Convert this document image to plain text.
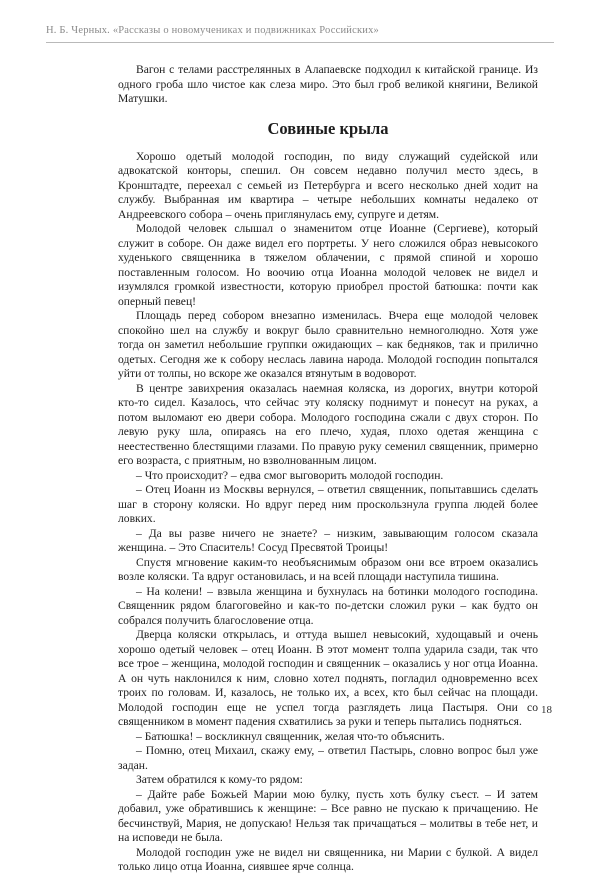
Н. Б. Черных. «Рассказы о новомучениках и подвижниках Российских»

Вагон с телами расстрелянных в Алапаевске подходил к китайской границе. Из одного гроба шло чистое как слеза миро. Это был гроб великой княгини, Великой Матушки.

Совиные крыла

Хорошо одетый молодой господин, по виду служащий судейской или адвокатской конторы, спешил. Он совсем недавно получил место здесь, в Кронштадте, переехал с семьей из Петербурга и всего несколько дней ходит на службу. Выбранная им квартира – четыре небольших комнаты недалеко от Андреевского собора – очень приглянулась ему, супруге и детям.

Молодой человек слышал о знаменитом отце Иоанне (Сергиеве), который служит в соборе. Он даже видел его портреты. У него сложился образ невысокого худенького священника в тяжелом облачении, с прямой спиной и хорошо поставленным голосом. Но воочию отца Иоанна молодой человек не видел и изумлялся громкой известности, которую приобрел простой батюшка: почти как оперный певец!

Площадь перед собором внезапно изменилась. Вчера еще молодой человек спокойно шел на службу и вокруг было сравнительно немноголюдно. Хотя уже тогда он заметил небольшие группки ожидающих – как бедняков, так и прилично одетых. Сегодня же к собору неслась лавина народа. Молодой господин попытался уйти от толпы, но вскоре же оказался втянутым в водоворот.

В центре завихрения оказалась наемная коляска, из дорогих, внутри которой кто-то сидел. Казалось, что сейчас эту коляску поднимут и понесут на руках, а потом выломают ею двери собора. Молодого господина сжали с двух сторон. По левую руку шла, опираясь на его плечо, худая, плохо одетая женщина с неестественно блестящими глазами. По правую руку семенил священник, примерно его возраста, с приятным, но взволнованным лицом.

– Что происходит? – едва смог выговорить молодой господин.

– Отец Иоанн из Москвы вернулся, – ответил священник, попытавшись сделать шаг в сторону коляски. Но вдруг перед ним проскользнула группа людей более ловких.

– Да вы разве ничего не знаете? – низким, завывающим голосом сказала женщина. – Это Спаситель! Сосуд Пресвятой Троицы!

Спустя мгновение каким-то необъяснимым образом они все втроем оказались возле коляски. Та вдруг остановилась, и на всей площади наступила тишина.

– На колени! – взвыла женщина и бухнулась на ботинки молодого господина. Священник рядом благоговейно и как-то по-детски сложил руки – как будто он собрался получить благословение отца.

Дверца коляски открылась, и оттуда вышел невысокий, худощавый и очень хорошо одетый человек – отец Иоанн. В этот момент толпа ударила сзади, так что все трое – женщина, молодой господин и священник – оказались у ног отца Иоанна. А он чуть наклонился к ним, словно хотел поднять, погладил одновременно всех троих по головам. И, казалось, не только их, а всех, кто был сейчас на площади. Молодой господин еще не успел тогда разглядеть лица Пастыря. Они со священником в момент падения схватились за руки и теперь пытались подняться.

– Батюшка! – воскликнул священник, желая что-то объяснить.

– Помню, отец Михаил, скажу ему, – ответил Пастырь, словно вопрос был уже задан.

Затем обратился к кому-то рядом:

– Дайте рабе Божьей Марии мою булку, пусть хоть булку съест. – И затем добавил, уже обратившись к женщине: – Все равно не пускаю к причащению. Не бесчинствуй, Мария, не допускаю! Нельзя так причащаться – молитвы в тебе нет, и на исповеди не была.

Молодой господин уже не видел ни священника, ни Марии с булкой. А видел только лицо отца Иоанна, сиявшее ярче солнца.

18
